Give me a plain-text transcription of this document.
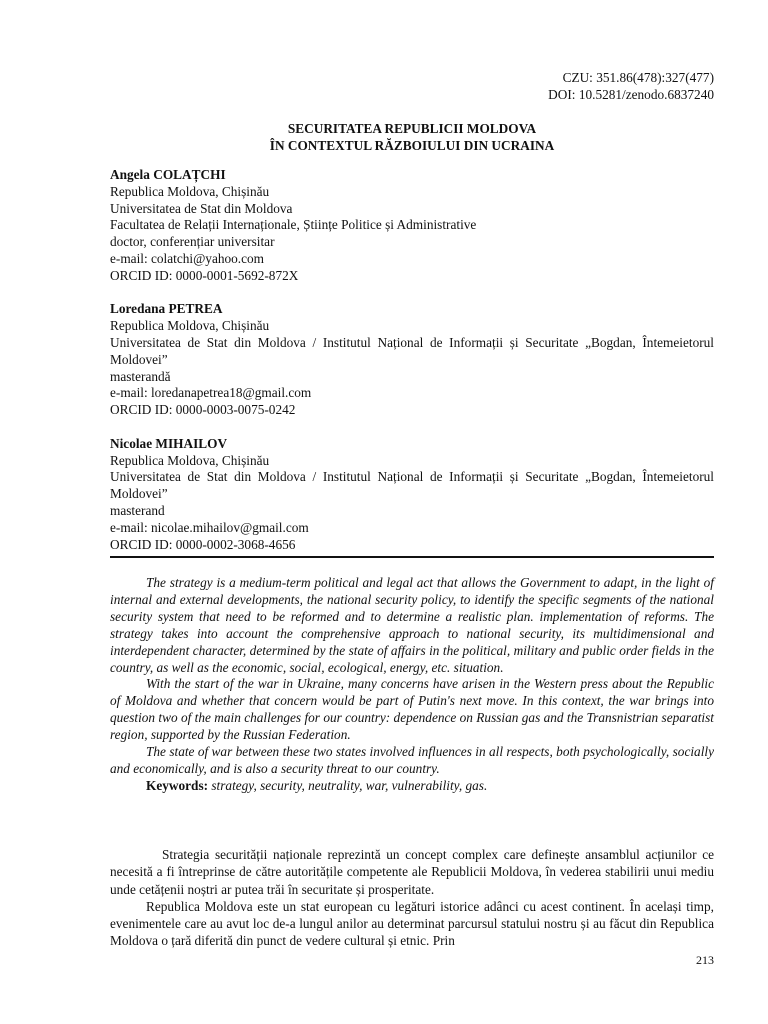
CZU: 351.86(478):327(477)
DOI: 10.5281/zenodo.6837240
SECURITATEA REPUBLICII MOLDOVA
ÎN CONTEXTUL RĂZBOIULUI DIN UCRAINA

Angela COLAȚCHI

Republica Moldova, Chișinău

Universitatea de Stat din Moldova

Facultatea de Relații Internaționale, Științe Politice și Administrative

doctor, conferențiar universitar

e-mail: colatchi@yahoo.com

ORCID ID: 0000-0001-5692-872X

Loredana PETREA

Republica Moldova, Chișinău

Universitatea de Stat din Moldova / Institutul Național de Informații și Securitate „Bogdan, Întemeietorul Moldovei”

masterandă

e-mail: loredanapetrea18@gmail.com

ORCID ID: 0000-0003-0075-0242

Nicolae MIHAILOV

Republica Moldova, Chișinău

Universitatea de Stat din Moldova / Institutul Național de Informații și Securitate „Bogdan, Întemeietorul Moldovei”

masterand

e-mail: nicolae.mihailov@gmail.com

ORCID ID: 0000-0002-3068-4656

The strategy is a medium-term political and legal act that allows the Government to adapt, in the light of internal and external developments, the national security policy, to identify the specific segments of the national security system that need to be reformed and to determine a realistic plan. implementation of reforms. The strategy takes into account the comprehensive approach to national security, its multidimensional and interdependent character, determined by the state of affairs in the political, military and public order fields in the country, as well as the economic, social, ecological, energy, etc. situation.

With the start of the war in Ukraine, many concerns have arisen in the Western press about the Republic of Moldova and whether that concern would be part of Putin's next move. In this context, the war brings into question two of the main challenges for our country: dependence on Russian gas and the Transnistrian separatist region, supported by the Russian Federation.

The state of war between these two states involved influences in all respects, both psychologically, socially and economically, and is also a security threat to our country.

Keywords: strategy, security, neutrality, war, vulnerability, gas.

Strategia securității naționale reprezintă un concept complex care definește ansamblul acțiunilor ce necesită a fi întreprinse de către autoritățile competente ale Republicii Moldova, în vederea stabilirii unui mediu unde cetățenii noștri ar putea trăi în securitate și prosperitate.

Republica Moldova este un stat european cu legături istorice adânci cu acest continent. În același timp, evenimentele care au avut loc de-a lungul anilor au determinat parcursul statului nostru și au făcut din Republica Moldova o țară diferită din punct de vedere cultural și etnic. Prin

213
